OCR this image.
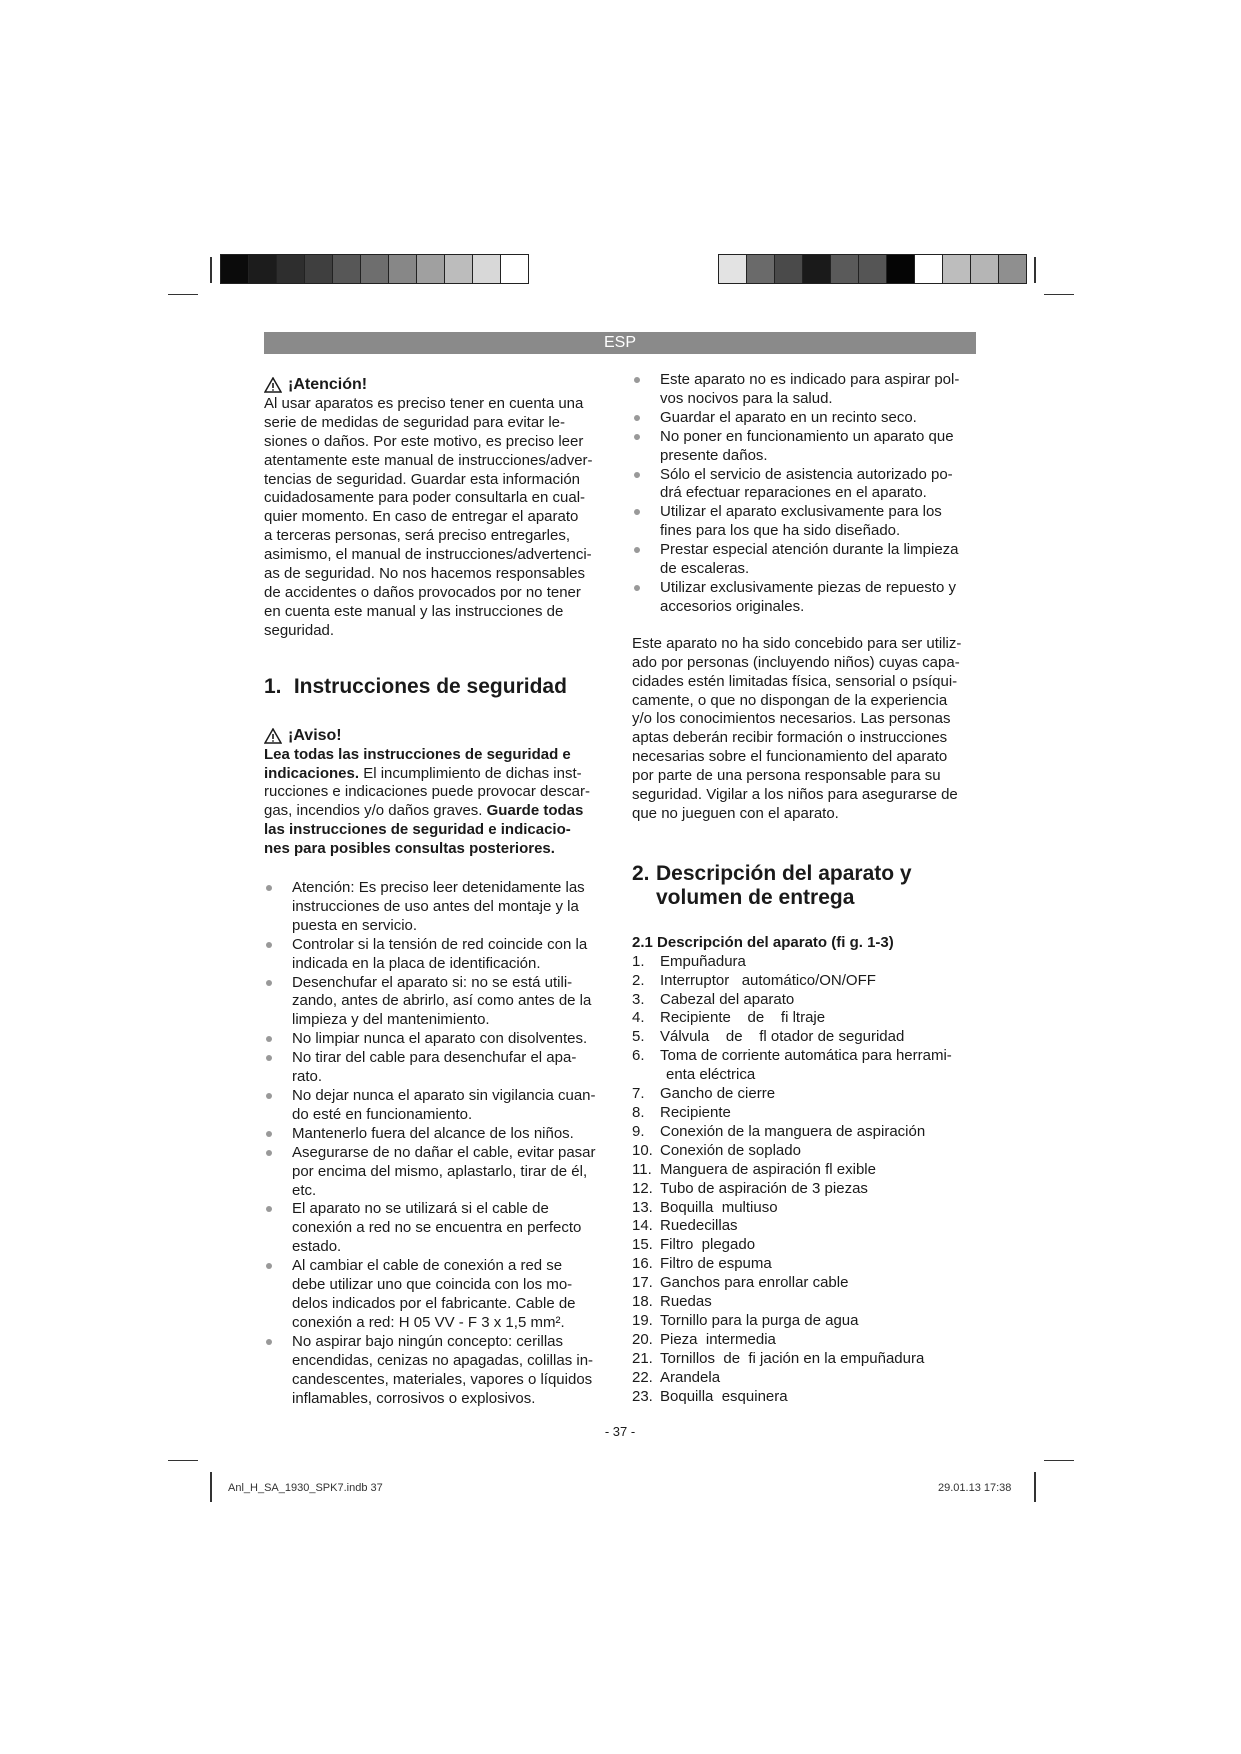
ESP
¡Atención!

Al usar aparatos es preciso tener en cuenta una

serie de medidas de seguridad para evitar le-

siones o daños. Por este motivo, es preciso leer

atentamente este manual de instrucciones/adver-

tencias de seguridad. Guardar esta información

cuidadosamente para poder consultarla en cual-

quier momento. En caso de entregar el aparato

a terceras personas, será preciso entregarles,

asimismo, el manual de instrucciones/advertenci-

as de seguridad. No nos hacemos responsables

de accidentes o daños provocados por no tener

en cuenta este manual y las instrucciones de

seguridad.

1. Instrucciones de seguridad
¡Aviso!

Lea todas las instrucciones de seguridad e

indicaciones. El incumplimiento de dichas inst-

rucciones e indicaciones puede provocar descar-

gas, incendios y/o daños graves. Guarde todas

las instrucciones de seguridad e indicacio-

nes para posibles consultas posteriores.

Atención: Es preciso leer detenidamente las
instrucciones de uso antes del montaje y la
puesta en servicio.
Controlar si la tensión de red coincide con la
indicada en la placa de identificación.
Desenchufar el aparato si: no se está utili-
zando, antes de abrirlo, así como antes de la
limpieza y del mantenimiento.
No limpiar nunca el aparato con disolventes.
No tirar del cable para desenchufar el apa-
rato.
No dejar nunca el aparato sin vigilancia cuan-
do esté en funcionamiento.
Mantenerlo fuera del alcance de los niños.
Asegurarse de no dañar el cable, evitar pasar
por encima del mismo, aplastarlo, tirar de él,
etc.
El aparato no se utilizará si el cable de
conexión a red no se encuentra en perfecto
estado.
Al cambiar el cable de conexión a red se
debe utilizar uno que coincida con los mo-
delos indicados por el fabricante. Cable de
conexión a red: H 05 VV - F 3 x 1,5 mm².
No aspirar bajo ningún concepto: cerillas
encendidas, cenizas no apagadas, colillas in-
candescentes, materiales, vapores o líquidos
inflamables, corrosivos o explosivos.
Este aparato no es indicado para aspirar pol-
vos nocivos para la salud.
Guardar el aparato en un recinto seco.
No poner en funcionamiento un aparato que
presente daños.
Sólo el servicio de asistencia autorizado po-
drá efectuar reparaciones en el aparato.
Utilizar el aparato exclusivamente para los
fines para los que ha sido diseñado.
Prestar especial atención durante la limpieza
de escaleras.
Utilizar exclusivamente piezas de repuesto y
accesorios originales.

Este aparato no ha sido concebido para ser utiliz-

ado por personas (incluyendo niños) cuyas capa-

cidades estén limitadas física, sensorial o psíqui-

camente, o que no dispongan de la experiencia

y/o los conocimientos necesarios. Las personas

aptas deberán recibir formación o instrucciones

necesarias sobre el funcionamiento del aparato

por parte de una persona responsable para su

seguridad. Vigilar a los niños para asegurarse de

que no jueguen con el aparato.

2. Descripción del aparato y
volumen de entrega
2.1 Descripción del aparato (fi g. 1-3)
1.	Empuñadura
2.	Interruptor   automático/ON/OFF
3.	Cabezal del aparato
4.	Recipiente    de    fi ltraje
5.	Válvula    de    fl otador de seguridad
6.	Toma de corriente automática para herrami-
enta eléctrica
7.	Gancho de cierre
8.	Recipiente
9.	Conexión de la manguera de aspiración
10. Conexión de soplado
11. Manguera de aspiración fl exible
12. Tubo de aspiración de 3 piezas
13. Boquilla  multiuso
14. Ruedecillas
15. Filtro  plegado
16. Filtro de espuma
17. Ganchos para enrollar cable
18. Ruedas
19. Tornillo para la purga de agua
20. Pieza  intermedia
21. Tornillos  de  fi jación en la empuñadura
22. Arandela
23. Boquilla  esquinera
- 37 -
Anl_H_SA_1930_SPK7.indb 37	29.01.13 17:38
